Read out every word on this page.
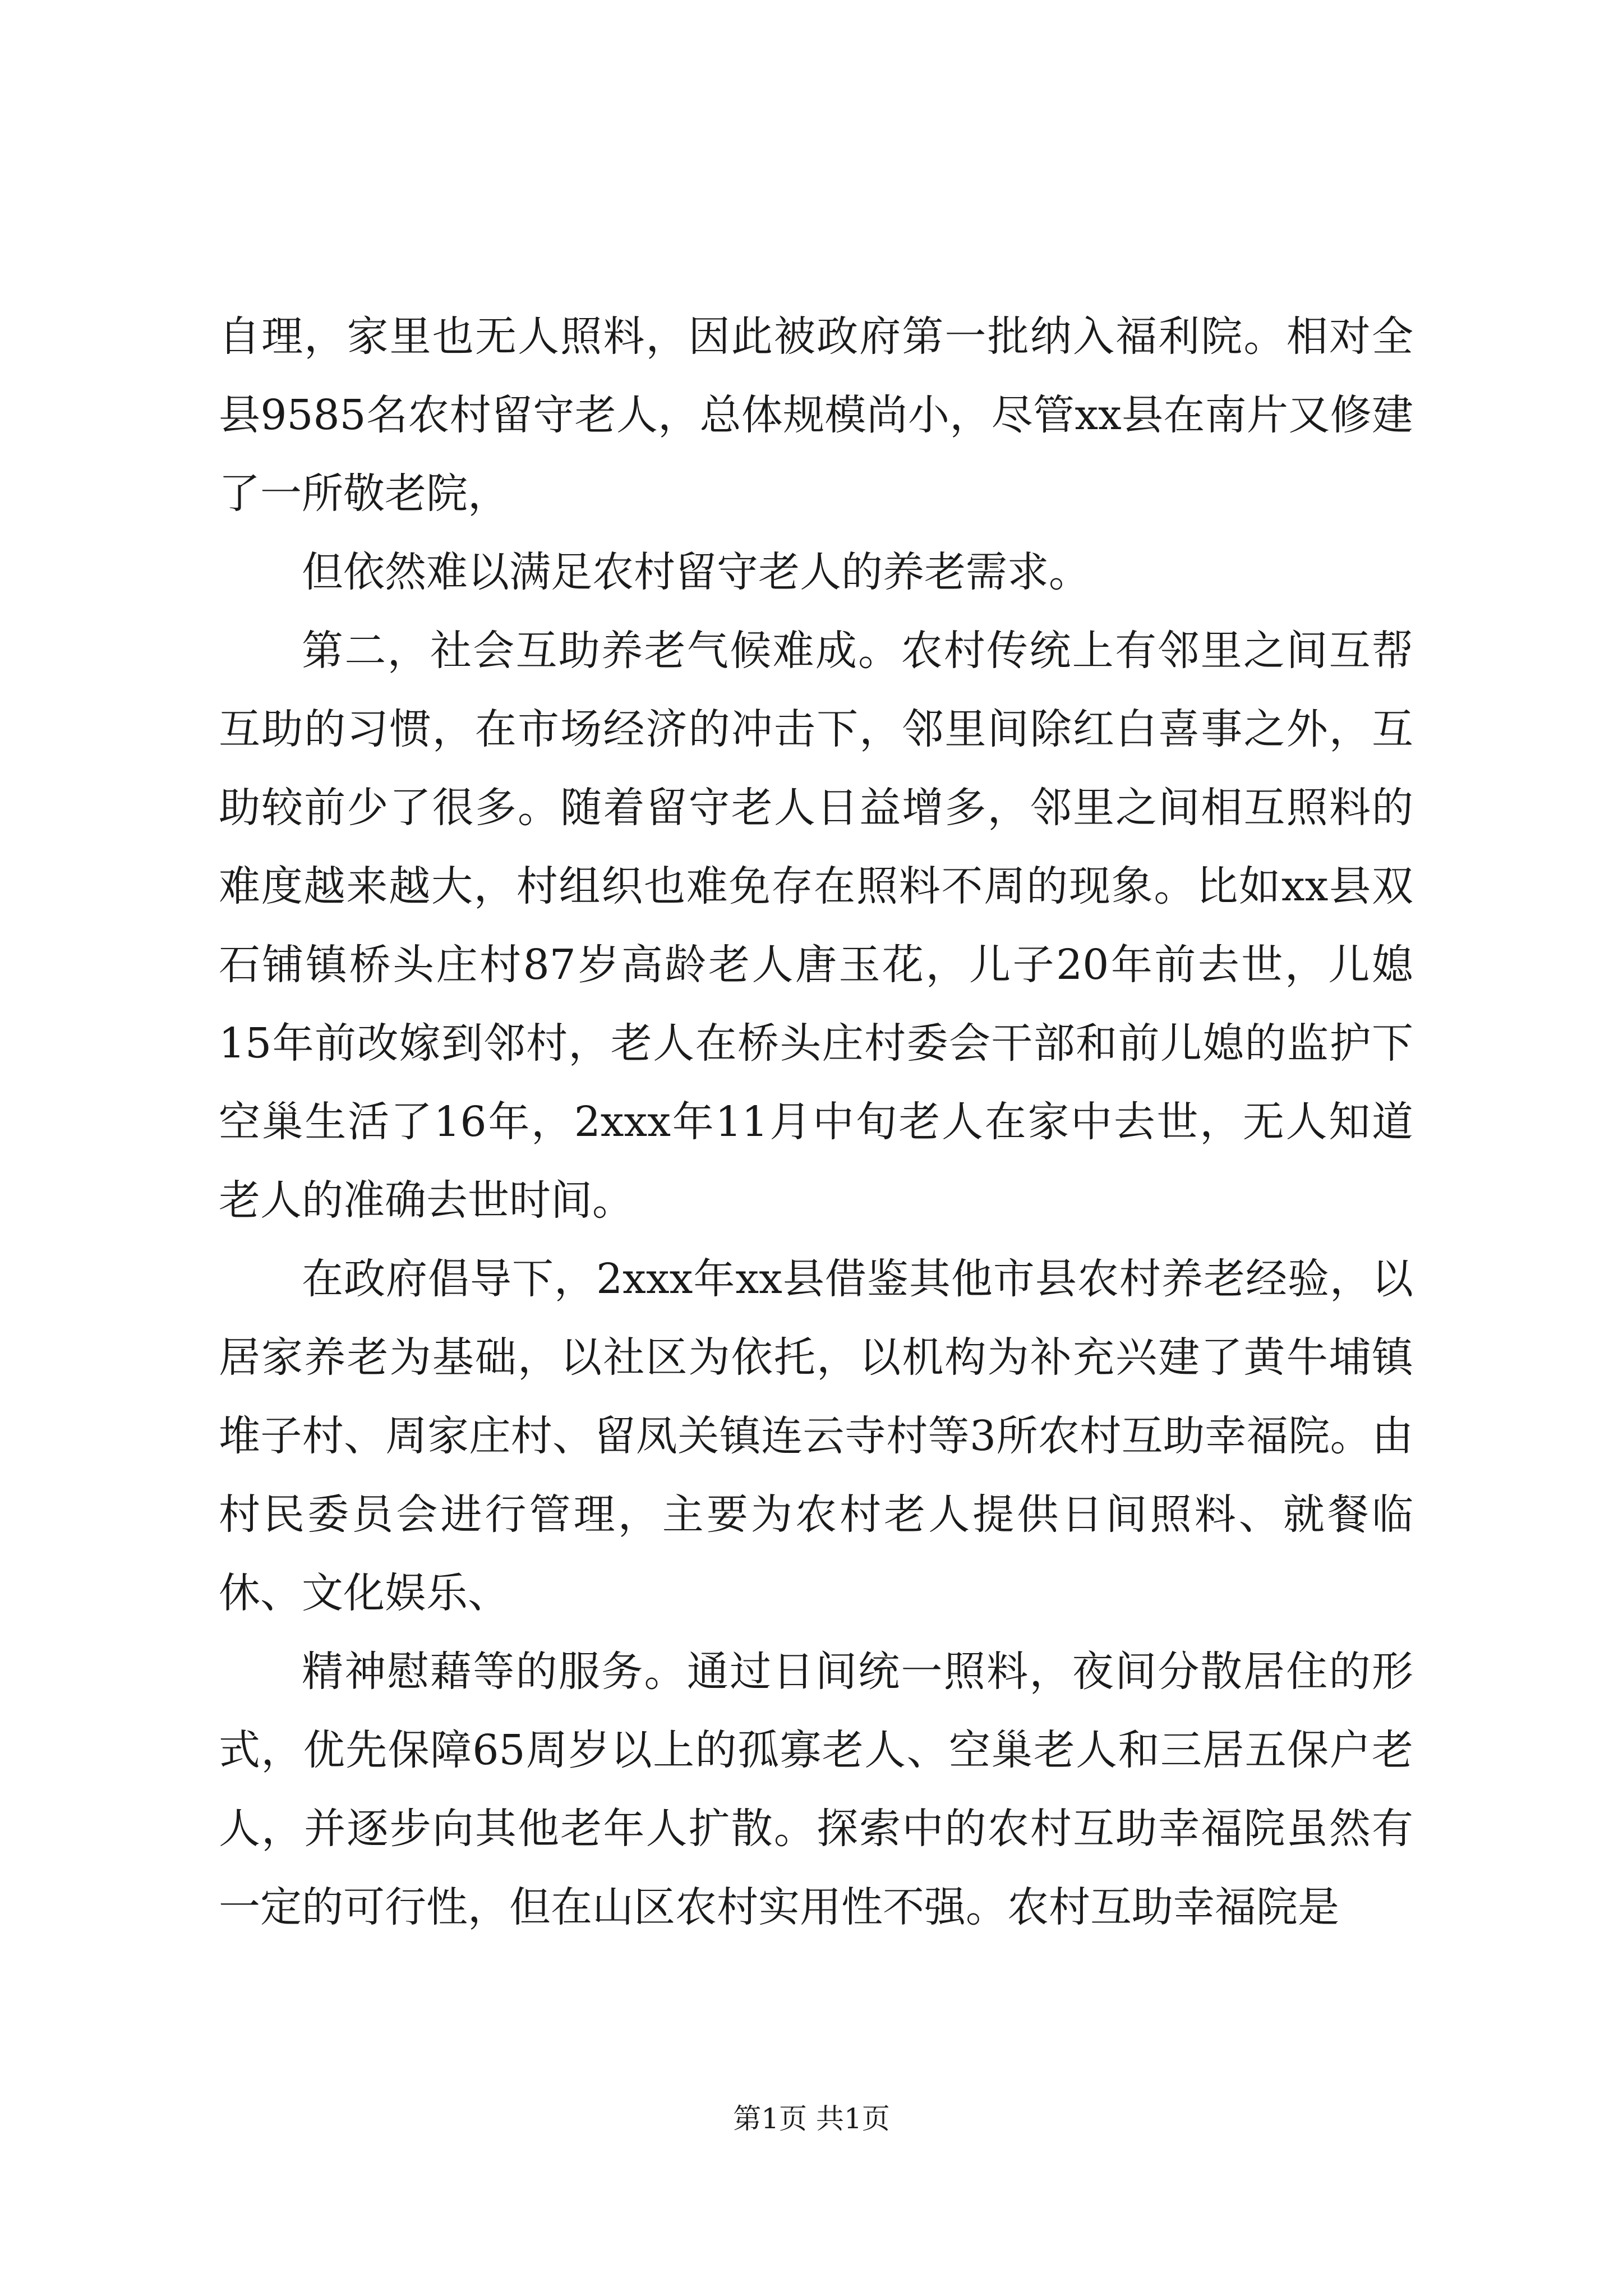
自理，家里也无人照料，因此被政府第一批纳入福利院。相对全县9585名农村留守老人，总体规模尚小，尽管xx县在南片又修建了一所敬老院，

但依然难以满足农村留守老人的养老需求。

第二，社会互助养老气候难成。农村传统上有邻里之间互帮互助的习惯，在市场经济的冲击下，邻里间除红白喜事之外，互助较前少了很多。随着留守老人日益增多，邻里之间相互照料的难度越来越大，村组织也难免存在照料不周的现象。比如xx县双石铺镇桥头庄村87岁高龄老人唐玉花，儿子20年前去世，儿媳15年前改嫁到邻村，老人在桥头庄村委会干部和前儿媳的监护下空巢生活了16年，2xxx年11月中旬老人在家中去世，无人知道老人的准确去世时间。

在政府倡导下，2xxx年xx县借鉴其他市县农村养老经验，以居家养老为基础，以社区为依托，以机构为补充兴建了黄牛埔镇堆子村、周家庄村、留凤关镇连云寺村等3所农村互助幸福院。由村民委员会进行管理，主要为农村老人提供日间照料、就餐临休、文化娱乐、

精神慰藉等的服务。通过日间统一照料，夜间分散居住的形式，优先保障65周岁以上的孤寡老人、空巢老人和三居五保户老人，并逐步向其他老年人扩散。探索中的农村互助幸福院虽然有一定的可行性，但在山区农村实用性不强。农村互助幸福院是

第1页 共1页
